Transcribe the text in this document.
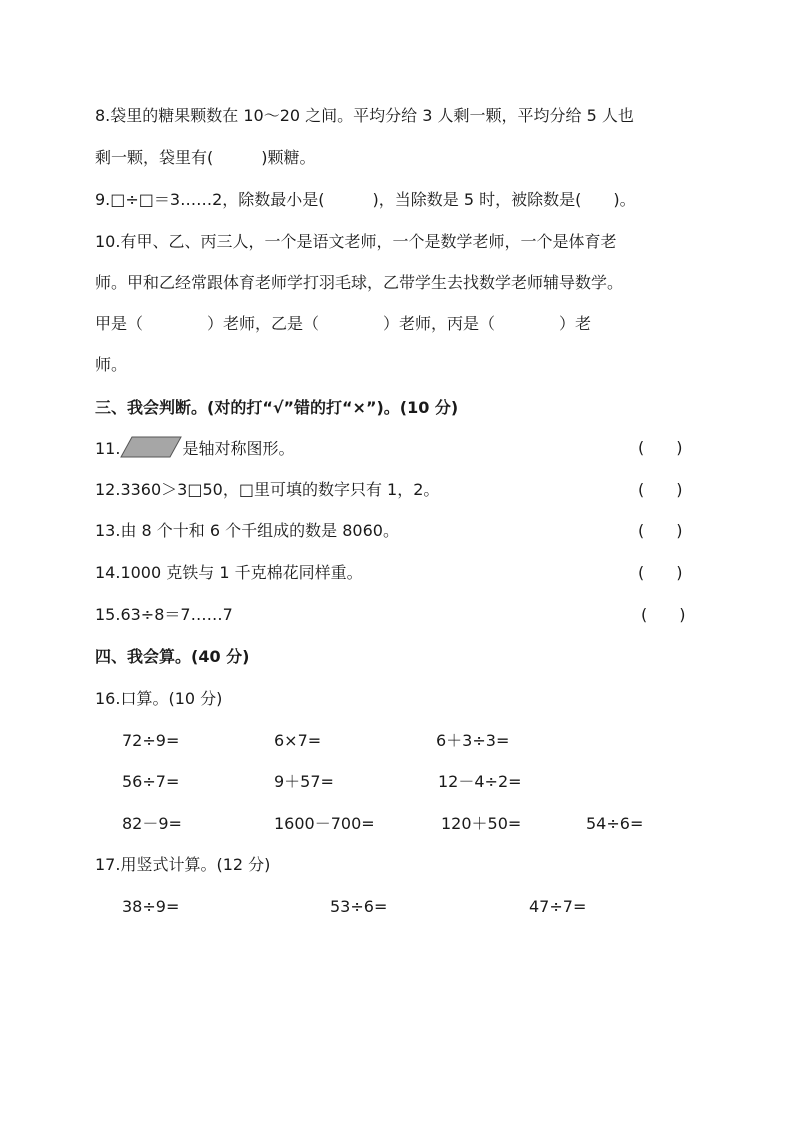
8.袋里的糖果颗数在 10～20 之间。平均分给 3 人剩一颗，平均分给 5 人也
剩一颗，袋里有(　　　)颗糖。
9.□÷□＝3……2，除数最小是(　　　)，当除数是 5 时，被除数是(　　)。
10.有甲、乙、丙三人，一个是语文老师，一个是数学老师，一个是体育老
师。甲和乙经常跟体育老师学打羽毛球，乙带学生去找数学老师辅导数学。
甲是（　　　　）老师，乙是（　　　　）老师，丙是（　　　　）老
师。
三、我会判断。(对的打“√”错的打“×”)。(10 分)
11.	是轴对称图形。	(　　)
12.3360＞3□50，□里可填的数字只有 1，2。	(　　)
13.由 8 个十和 6 个千组成的数是 8060。	(　　)
14.1000 克铁与 1 千克棉花同样重。	(　　)
15.63÷8＝7……7	(　　)
四、我会算。(40 分)
16.口算。(10 分)
72÷9=	6×7=	6＋3÷3=
56÷7=	9＋57=	12－4÷2=
82－9=	1600－700=	120＋50=	54÷6=
17.用竖式计算。(12 分)
38÷9=	53÷6=	47÷7=
